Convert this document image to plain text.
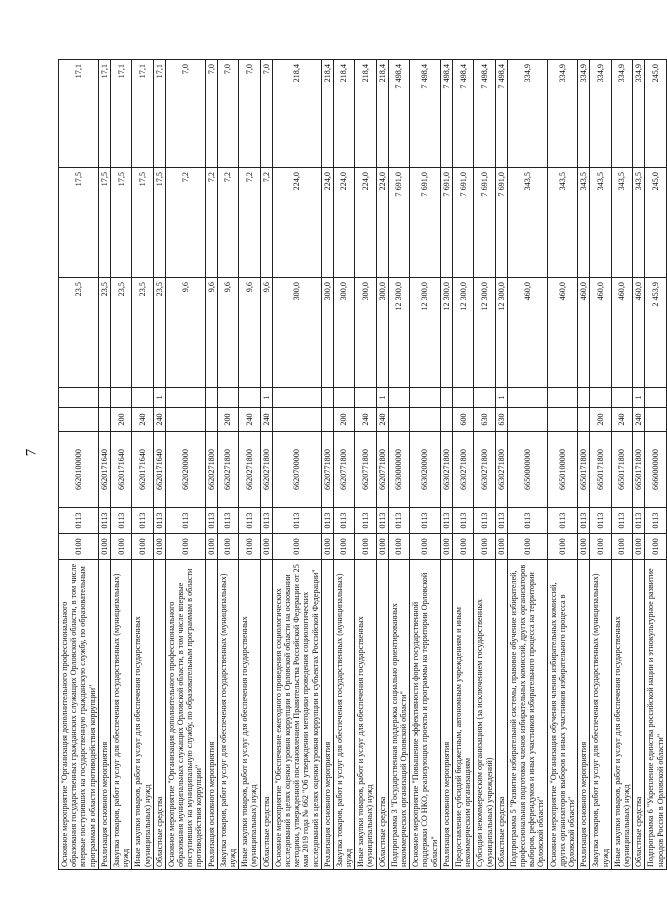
7
Основное мероприятие "Организация дополнительного профессионального образования государственных гражданских служащих Орловской области, в том числе впервые поступивших на государственную гражданскую службу, по образовательным программам в области противодействия коррупции"	0100	0113	6620100000			23,5	17,5	17,1
Реализация основного мероприятия	0100	0113	6620171640			23,5	17,5	17,1
Закупка товаров, работ и услуг для обеспечения государственных (муниципальных) нужд	0100	0113	6620171640	200		23,5	17,5	17,1
Иные закупки товаров, работ и услуг для обеспечения государственных (муниципальных) нужд	0100	0113	6620171640	240		23,5	17,5	17,1
Областные средства	0100	0113	6620171640	240	1	23,5	17,5	17,1
Основное мероприятие "Организация дополнительного профессионального образования муниципальных служащих Орловской области, в том числе впервые поступивших на муниципальную службу, по образовательным программам в области противодействия коррупции"	0100	0113	6620200000			9,6	7,2	7,0
Реализация основного мероприятия	0100	0113	6620271800			9,6	7,2	7,0
Закупка товаров, работ и услуг для обеспечения государственных (муниципальных) нужд	0100	0113	6620271800	200		9,6	7,2	7,0
Иные закупки товаров, работ и услуг для обеспечения государственных (муниципальных) нужд	0100	0113	6620271800	240		9,6	7,2	7,0
Областные средства	0100	0113	6620271800	240	1	9,6	7,2	7,0
Основное мероприятие "Обеспечение ежегодного проведения социологических исследований в целях оценки уровня коррупции в Орловской области на основании методики, утвержденной постановлением Правительства Российской Федерации от 25 мая 2019 года № 662 "Об утверждении методики проведения социологических исследований в целях оценки уровня коррупции в субъектах Российской Федерации"	0100	0113	6620700000			300,0	224,0	218,4
Реализация основного мероприятия	0100	0113	6620771800			300,0	224,0	218,4
Закупка товаров, работ и услуг для обеспечения государственных (муниципальных) нужд	0100	0113	6620771800	200		300,0	224,0	218,4
Иные закупки товаров, работ и услуг для обеспечения государственных (муниципальных) нужд	0100	0113	6620771800	240		300,0	224,0	218,4
Областные средства	0100	0113	6620771800	240	1	300,0	224,0	218,4
Подпрограмма 3 "Государственная поддержка социально ориентированных некоммерческих организаций Орловской области"	0100	0113	6630000000			12 300,0	7 691,0	7 498,4
Основное мероприятие "Повышение эффективности форм государственной поддержки СО НКО, реализующих проекты и программы на территории Орловской области"	0100	0113	6630200000			12 300,0	7 691,0	7 498,4
Реализация основного мероприятия	0100	0113	6630271800			12 300,0	7 691,0	7 498,4
Предоставление субсидий бюджетным, автономным учреждениям и иным некоммерческим организациям	0100	0113	6630271800	600		12 300,0	7 691,0	7 498,4
Субсидии некоммерческим организациям (за исключением государственных (муниципальных) учреждений)	0100	0113	6630271800	630		12 300,0	7 691,0	7 498,4
Областные средства	0100	0113	6630271800	630	1	12 300,0	7 691,0	7 498,4
Подпрограмма 5 "Развитие избирательной системы, правовое обучение избирателей, профессиональная подготовка членов избирательных комиссий, других организаторов выборов, референдумов и иных участников избирательного процесса на территории Орловской области"	0100	0113	6650000000			460,0	343,5	334,9
Основное мероприятие "Организация обучения членов избирательных комиссий, других организаторов выборов и иных участников избирательного процесса в Орловской области"	0100	0113	6650100000			460,0	343,5	334,9
Реализация основного мероприятия	0100	0113	6650171800			460,0	343,5	334,9
Закупка товаров, работ и услуг для обеспечения государственных (муниципальных) нужд	0100	0113	6650171800	200		460,0	343,5	334,9
Иные закупки товаров, работ и услуг для обеспечения государственных (муниципальных) нужд	0100	0113	6650171800	240		460,0	343,5	334,9
Областные средства	0100	0113	6650171800	240	1	460,0	343,5	334,9
Подпрограмма 6 "Укрепление единства российской нации и этнокультурное развитие народов России в Орловской области"	0100	0113	6660000000			2 453,9	245,0	245,0
